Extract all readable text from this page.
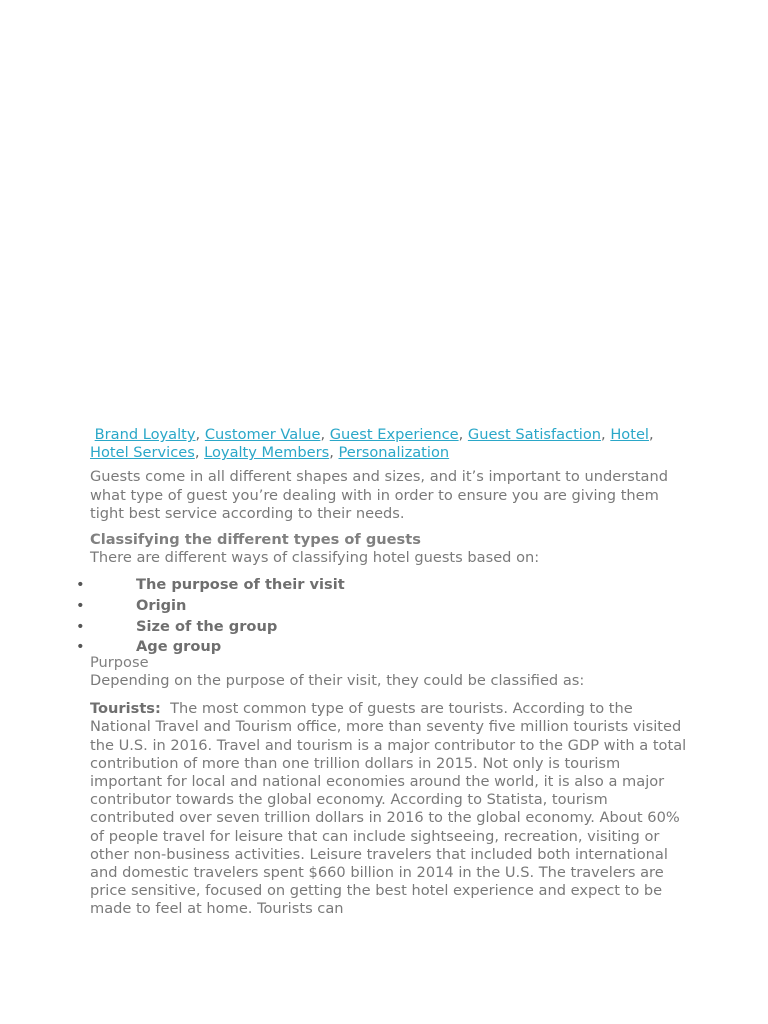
Brand Loyalty, Customer Value, Guest Experience, Guest Satisfaction, Hotel, Hotel Services, Loyalty Members, Personalization

Guests come in all different shapes and sizes, and it’s important to understand what type of guest you’re dealing with in order to ensure you are giving them tight best service according to their needs.

Classifying the different types of guests

There are different ways of classifying hotel guests based on:

•	The purpose of their visit
•	Origin
•	Size of the group
•	Age group

Purpose

Depending on the purpose of their visit, they could be classified as:

Tourists: The most common type of guests are tourists. According to the National Travel and Tourism office, more than seventy five million tourists visited the U.S. in 2016. Travel and tourism is a major contributor to the GDP with a total contribution of more than one trillion dollars in 2015. Not only is tourism important for local and national economies around the world, it is also a major contributor towards the global economy. According to Statista, tourism contributed over seven trillion dollars in 2016 to the global economy. About 60% of people travel for leisure that can include sightseeing, recreation, visiting or other non-business activities. Leisure travelers that included both international and domestic travelers spent $660 billion in 2014 in the U.S. The travelers are price sensitive, focused on getting the best hotel experience and expect to be made to feel at home. Tourists can
